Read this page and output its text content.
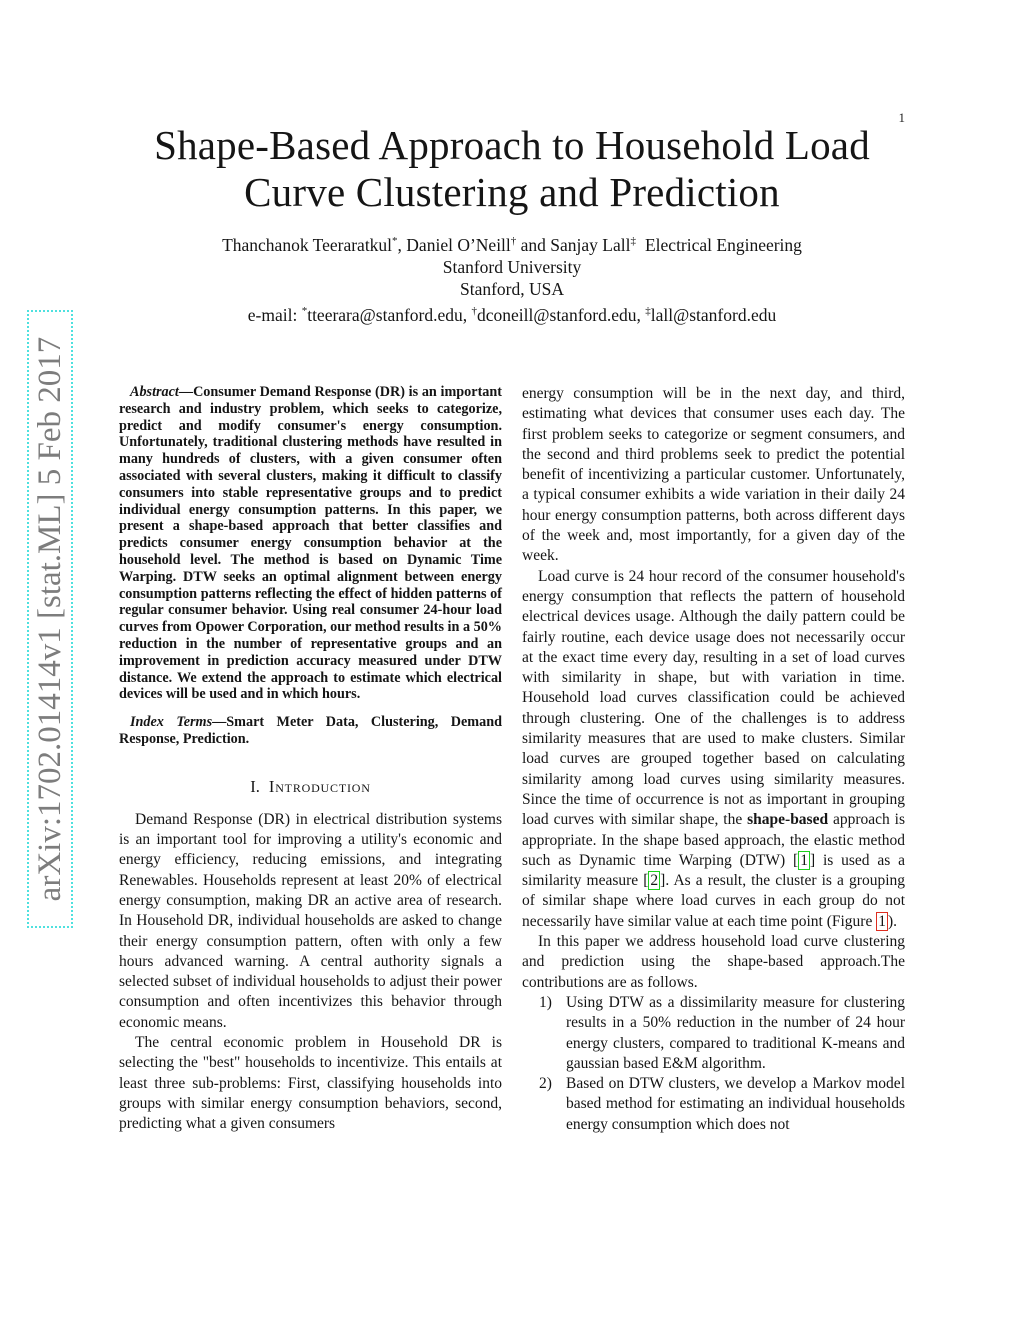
arXiv:1702.01414v1 [stat.ML] 5 Feb 2017
1
Shape-Based Approach to Household Load
Curve Clustering and Prediction
Thanchanok Teeraratkul*, Daniel O’Neill† and Sanjay Lall‡ Electrical Engineering
Stanford University
Stanford, USA
e-mail: *tteerara@stanford.edu, †dconeill@stanford.edu, ‡lall@stanford.edu

Abstract—Consumer Demand Response (DR) is an important research and industry problem, which seeks to categorize, predict and modify consumer's energy consumption. Unfortunately, traditional clustering methods have resulted in many hundreds of clusters, with a given consumer often associated with several clusters, making it difficult to classify consumers into stable representative groups and to predict individual energy consumption patterns. In this paper, we present a shape-based approach that better classifies and predicts consumer energy consumption behavior at the household level. The method is based on Dynamic Time Warping. DTW seeks an optimal alignment between energy consumption patterns reflecting the effect of hidden patterns of regular consumer behavior. Using real consumer 24-hour load curves from Opower Corporation, our method results in a 50% reduction in the number of representative groups and an improvement in prediction accuracy measured under DTW distance. We extend the approach to estimate which electrical devices will be used and in which hours.

Index Terms—Smart Meter Data, Clustering, Demand Response, Prediction.

I. Introduction

Demand Response (DR) in electrical distribution systems is an important tool for improving a utility's economic and energy efficiency, reducing emissions, and integrating Renewables. Households represent at least 20% of electrical energy consumption, making DR an active area of research. In Household DR, individual households are asked to change their energy consumption pattern, often with only a few hours advanced warning. A central authority signals a selected subset of individual households to adjust their power consumption and often incentivizes this behavior through economic means.

The central economic problem in Household DR is selecting the "best" households to incentivize. This entails at least three sub-problems: First, classifying households into groups with similar energy consumption behaviors, second, predicting what a given consumers

energy consumption will be in the next day, and third, estimating what devices that consumer uses each day. The first problem seeks to categorize or segment consumers, and the second and third problems seek to predict the potential benefit of incentivizing a particular customer. Unfortunately, a typical consumer exhibits a wide variation in their daily 24 hour energy consumption patterns, both across different days of the week and, most importantly, for a given day of the week.

Load curve is 24 hour record of the consumer household's energy consumption that reflects the pattern of household electrical devices usage. Although the daily pattern could be fairly routine, each device usage does not necessarily occur at the exact time every day, resulting in a set of load curves with similarity in shape, but with variation in time. Household load curves classification could be achieved through clustering. One of the challenges is to address similarity measures that are used to make clusters. Similar load curves are grouped together based on calculating similarity among load curves using similarity measures. Since the time of occurrence is not as important in grouping load curves with similar shape, the shape-based approach is appropriate. In the shape based approach, the elastic method such as Dynamic time Warping (DTW) [ 1 ] is used as a similarity measure [ 2 ]. As a result, the cluster is a grouping of similar shape where load curves in each group do not necessarily have similar value at each time point (Figure 1 ).

In this paper we address household load curve clustering and prediction using the shape-based approach.The contributions are as follows.

1) Using DTW as a dissimilarity measure for clustering results in a 50% reduction in the number of 24 hour energy clusters, compared to traditional K-means and gaussian based E&M algorithm.
2) Based on DTW clusters, we develop a Markov model based method for estimating an individual households energy consumption which does not
